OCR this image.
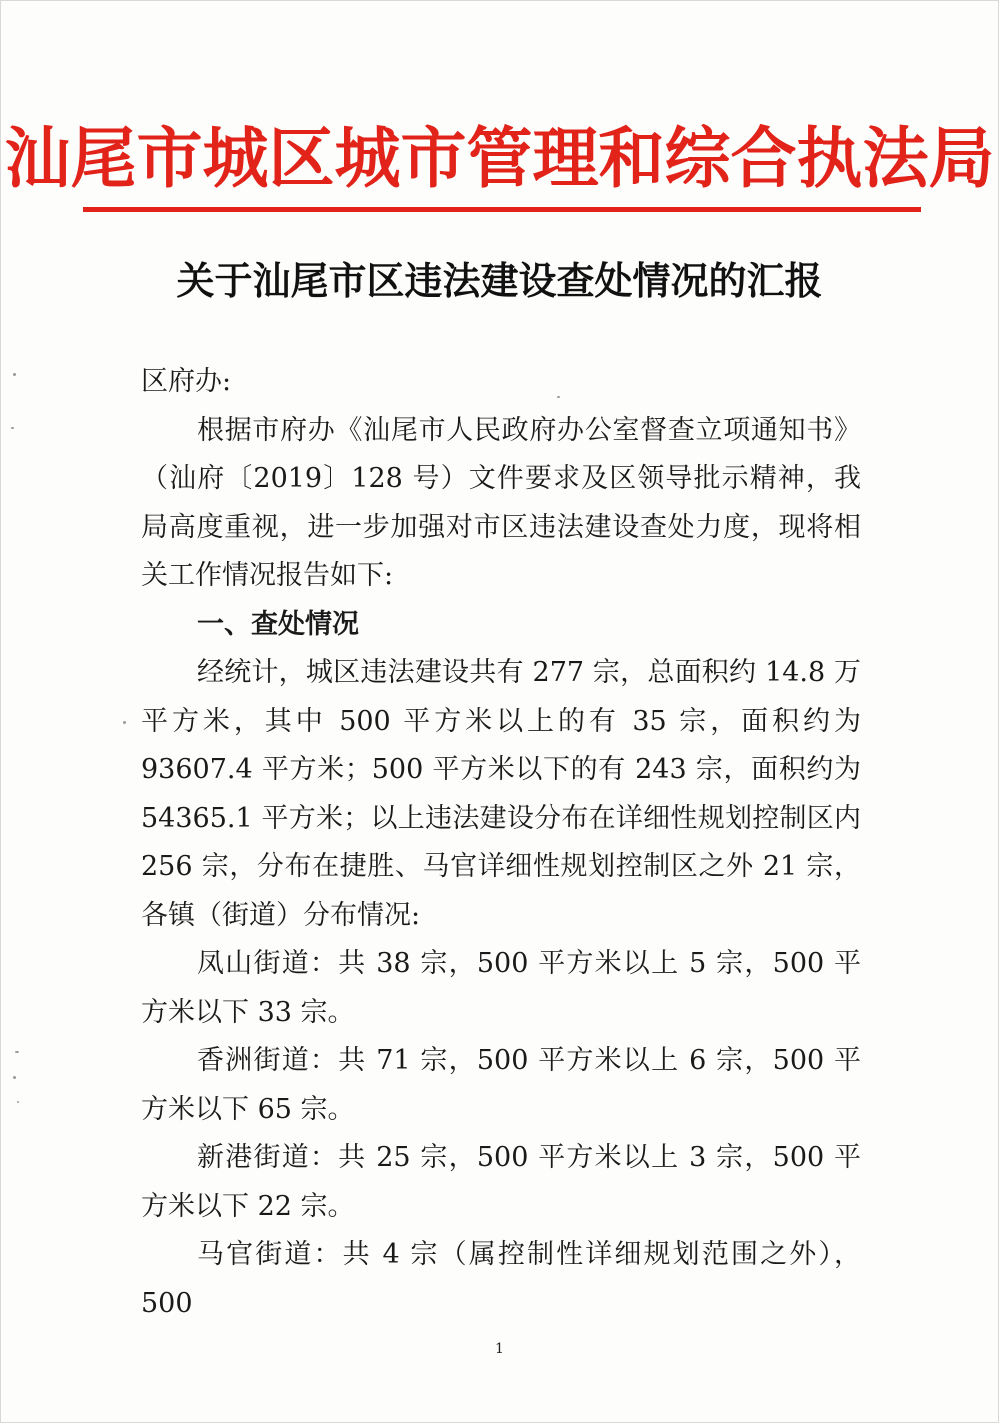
汕尾市城区城市管理和综合执法局
关于汕尾市区违法建设查处情况的汇报

区府办:

根据市府办《汕尾市人民政府办公室督查立项通知书》（汕府〔2019〕128 号）文件要求及区领导批示精神，我局高度重视，进一步加强对市区违法建设查处力度，现将相关工作情况报告如下:

一、查处情况

经统计，城区违法建设共有 277 宗，总面积约 14.8 万平方米，其中 500 平方米以上的有 35 宗，面积约为 93607.4 平方米；500 平方米以下的有 243 宗，面积约为 54365.1 平方米；以上违法建设分布在详细性规划控制区内 256 宗，分布在捷胜、马官详细性规划控制区之外 21 宗，各镇（街道）分布情况:

凤山街道：共 38 宗，500 平方米以上 5 宗，500 平方米以下 33 宗。

香洲街道：共 71 宗，500 平方米以上 6 宗，500 平方米以下 65 宗。

新港街道：共 25 宗，500 平方米以上 3 宗，500 平方米以下 22 宗。

马官街道：共 4 宗（属控制性详细规划范围之外），500

1
